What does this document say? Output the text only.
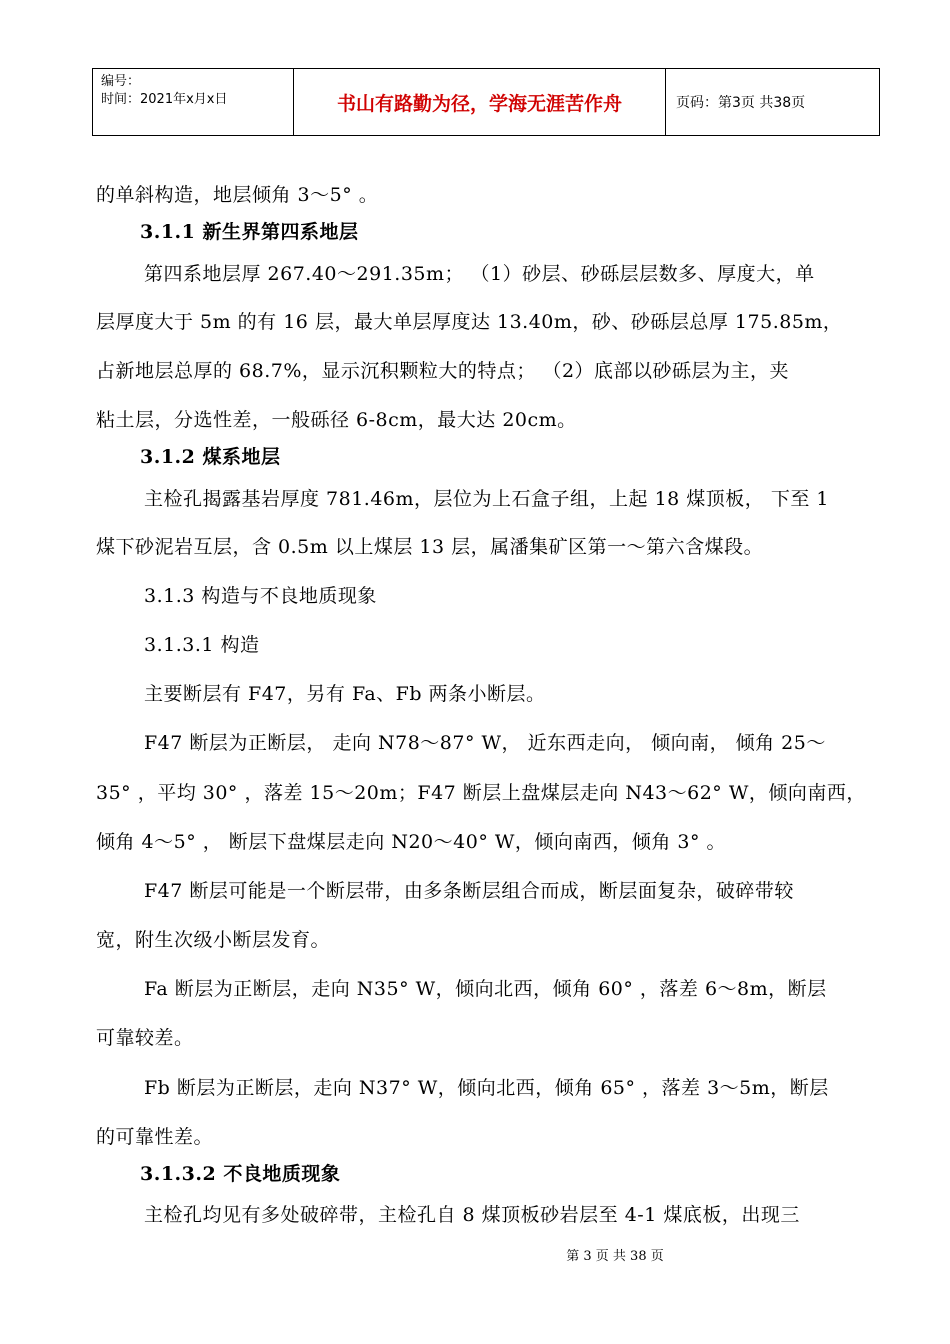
编号：
时间：2021年x月x日	书山有路勤为径，学海无涯苦作舟	页码：第3页 共38页
的单斜构造，地层倾角 3～5° 。
3.1.1 新生界第四系地层
第四系地层厚 267.40～291.35m； （1）砂层、砂砾层层数多、厚度大，单
层厚度大于 5m 的有 16 层，最大单层厚度达 13.40m，砂、砂砾层总厚 175.85m，
占新地层总厚的 68.7%，显示沉积颗粒大的特点； （2）底部以砂砾层为主，夹
粘土层，分选性差，一般砾径 6-8cm，最大达 20cm。
3.1.2 煤系地层
主检孔揭露基岩厚度 781.46m，层位为上石盒子组，上起 18 煤顶板， 下至 1
煤下砂泥岩互层，含 0.5m 以上煤层 13 层，属潘集矿区第一～第六含煤段。
3.1.3 构造与不良地质现象
3.1.3.1 构造
主要断层有 F47，另有 Fa、Fb 两条小断层。
F47 断层为正断层， 走向 N78～87° W， 近东西走向， 倾向南， 倾角 25～
35° ，平均 30° ，落差 15～20m；F47 断层上盘煤层走向 N43～62° W，倾向南西，
倾角 4～5° ， 断层下盘煤层走向 N20～40° W，倾向南西，倾角 3° 。
F47 断层可能是一个断层带，由多条断层组合而成，断层面复杂，破碎带较
宽，附生次级小断层发育。
Fa 断层为正断层，走向 N35° W，倾向北西，倾角 60° ，落差 6～8m，断层
可靠较差。
Fb 断层为正断层，走向 N37° W，倾向北西，倾角 65° ，落差 3～5m，断层
的可靠性差。
3.1.3.2 不良地质现象
主检孔均见有多处破碎带，主检孔自 8 煤顶板砂岩层至 4-1 煤底板，出现三
第 3 页 共 38 页
